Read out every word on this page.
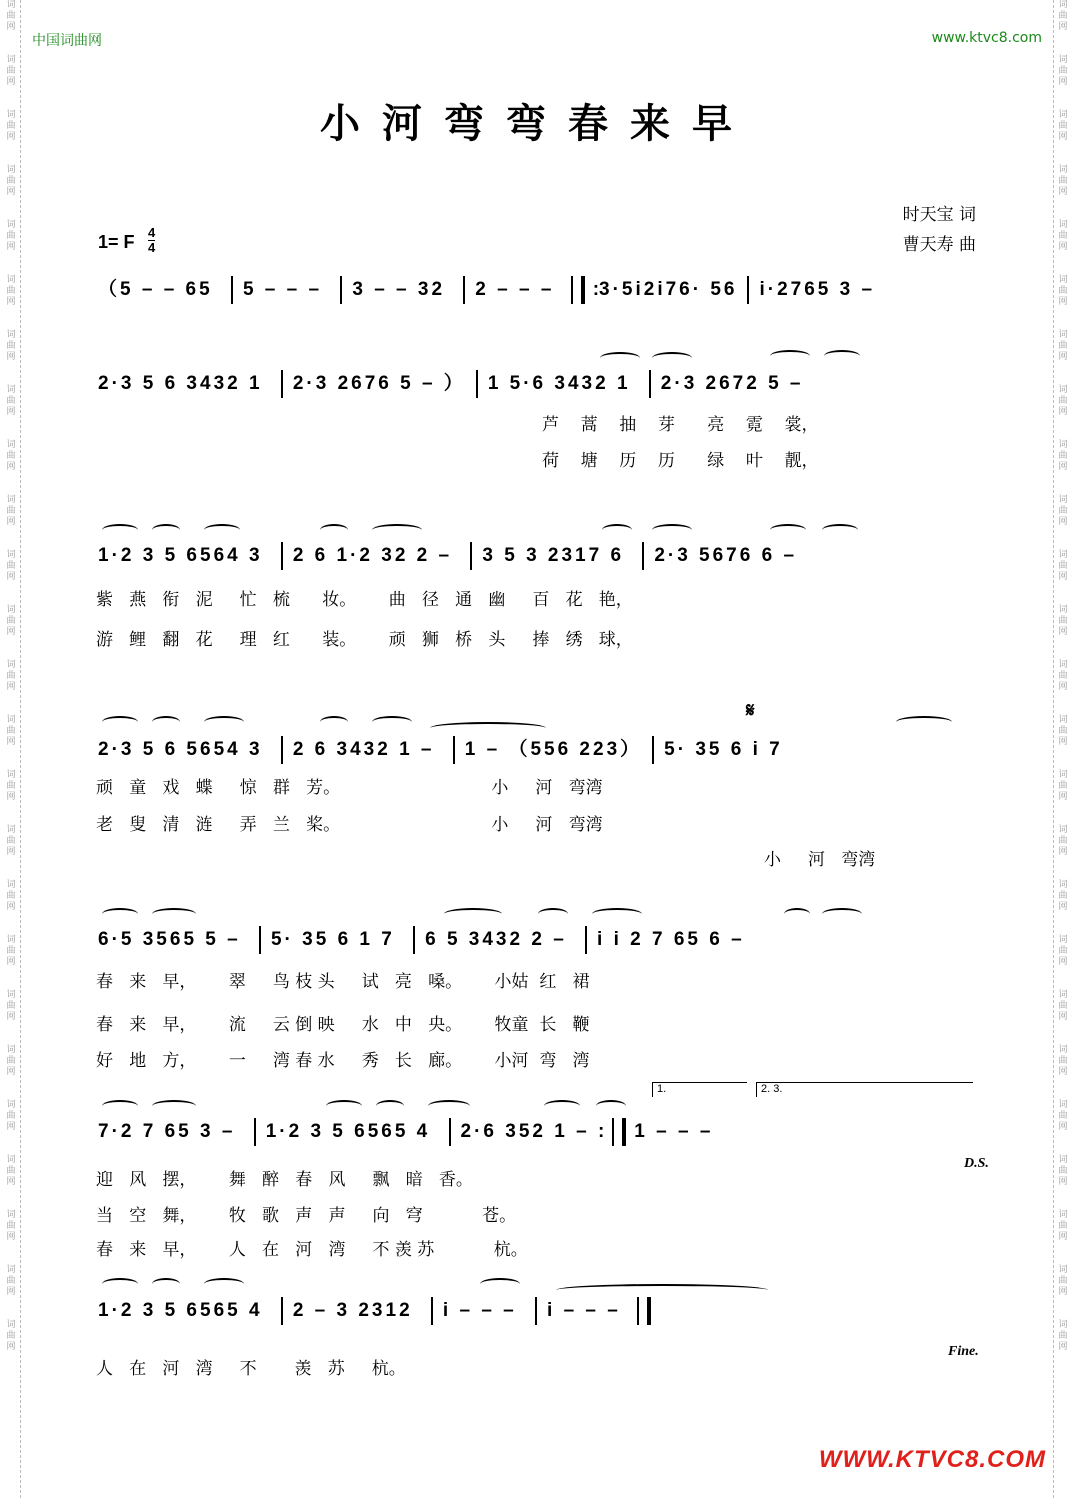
词
曲
网

词
曲
网

词
曲
网

词
曲
网

词
曲
网

词
曲
网

词
曲
网

词
曲
网

词
曲
网

词
曲
网

词
曲
网

词
曲
网

词
曲
网

词
曲
网

词
曲
网

词
曲
网

词
曲
网

词
曲
网

词
曲
网

词
曲
网

词
曲
网

词
曲
网

词
曲
网

词
曲
网

词
曲
网

词
曲
网

词
曲
网

词
曲
网

词
曲
网

词
曲
网

词
曲
网

词
曲
网

词
曲
网

词
曲
网

词
曲
网

词
曲
网

词
曲
网

词
曲
网

词
曲
网

词
曲
网

词
曲
网

词
曲
网

词
曲
网

词
曲
网

词
曲
网

词
曲
网

词
曲
网

词
曲
网

词
曲
网

词
曲
网

中国词曲网	www.ktvc8.com
小河弯弯春来早
时天宝 词
曹天寿 曲
1= F 4
4
（5 – – 65 5 – – – 3 – – 32 2 – – – :3·5i2i76· 56 i·2765 3 –
2·3 5 6 3432 1 2·3 2676 5 – ） 1 5·6 3432 1 2·3 2672 5 –
1·2 3 5 6564 3 2 6 1·2 32 2 – 3 5 3 2317 6 2·3 5676 6 –
2·3 5 6 5654 3 2 6 3432 1 – 1 – （556 223） 5· 35 6 i 7
6·5 3565 5 – 5· 35 6 1 7 6 5 3432 2 – i i 2 7 65 6 –
7·2 7 65 3 – 1·2 3 5 6565 4 2·6 352 1 – : 1 – – –
1·2 3 5 6565 4 2 – 3 2312 i – – – i – – –
1.	2. 3.
𝄋
D.S.
Fine.
芦    蒿    抽    芽      亮    霓    裳，
荷    塘    历    历      绿    叶    靓，
紫   燕   衔   泥     忙   梳      妆。      曲   径   通   幽     百   花   艳，
游   鲤   翻   花     理   红      装。      顽   狮   桥   头     捧   绣   球，
顽   童   戏   蝶     惊   群   芳。                            小     河   弯湾
老   叟   清   涟     弄   兰   桨。                            小     河   弯湾
小     河   弯湾
春   来   早，      翠     鸟 枝 头     试   亮   嗓。      小姑  红   裙
春   来   早，      流     云 倒 映     水   中   央。      牧童  长   鞭
好   地   方，      一     湾 春 水     秀   长   廊。      小河  弯   湾
迎   风   摆，      舞   醉   春   风     飘   暗   香。
当   空   舞，      牧   歌   声   声     向   穹           苍。
春   来   早，      人   在   河   湾     不 羡 苏           杭。
人   在   河   湾     不       羡   苏     杭。
WWW.KTVC8.COM
